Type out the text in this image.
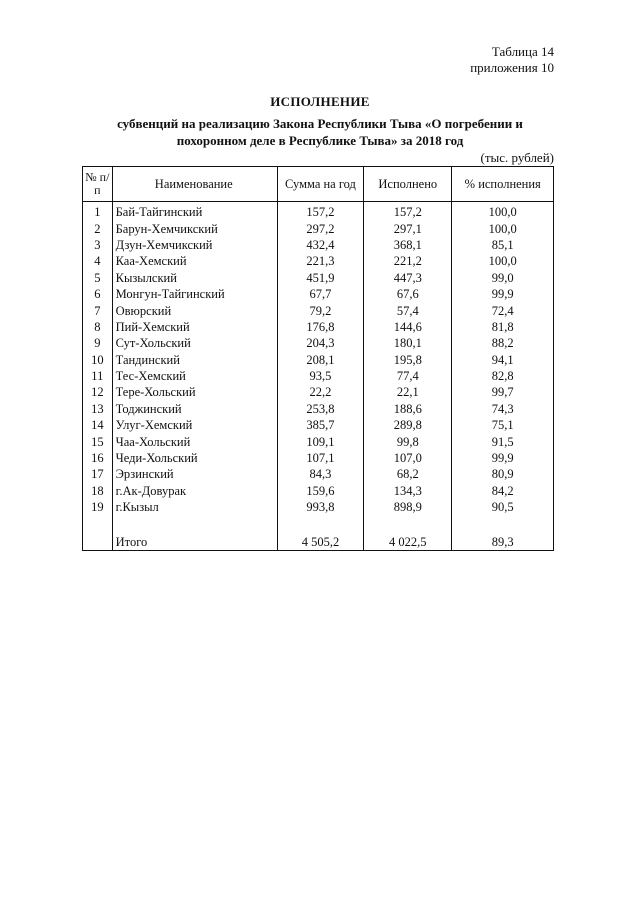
Таблица 14
приложения 10
ИСПОЛНЕНИЕ
субвенций на реализацию Закона Республики Тыва «О погребении и похоронном деле в Республике Тыва» за 2018 год
(тыс. рублей)
№ п/п	Наименование	Сумма на год	Исполнено	% исполнения
1	Бай-Тайгинский	157,2	157,2	100,0
2	Барун-Хемчикский	297,2	297,1	100,0
3	Дзун-Хемчикский	432,4	368,1	85,1
4	Каа-Хемский	221,3	221,2	100,0
5	Кызылский	451,9	447,3	99,0
6	Монгун-Тайгинский	67,7	67,6	99,9
7	Овюрский	79,2	57,4	72,4
8	Пий-Хемский	176,8	144,6	81,8
9	Сут-Хольский	204,3	180,1	88,2
10	Тандинский	208,1	195,8	94,1
11	Тес-Хемский	93,5	77,4	82,8
12	Тере-Хольский	22,2	22,1	99,7
13	Тоджинский	253,8	188,6	74,3
14	Улуг-Хемский	385,7	289,8	75,1
15	Чаа-Хольский	109,1	99,8	91,5
16	Чеди-Хольский	107,1	107,0	99,9
17	Эрзинский	84,3	68,2	80,9
18	г.Ак-Довурак	159,6	134,3	84,2
19	г.Кызыл	993,8	898,9	90,5

	Итого	4 505,2	4 022,5	89,3
